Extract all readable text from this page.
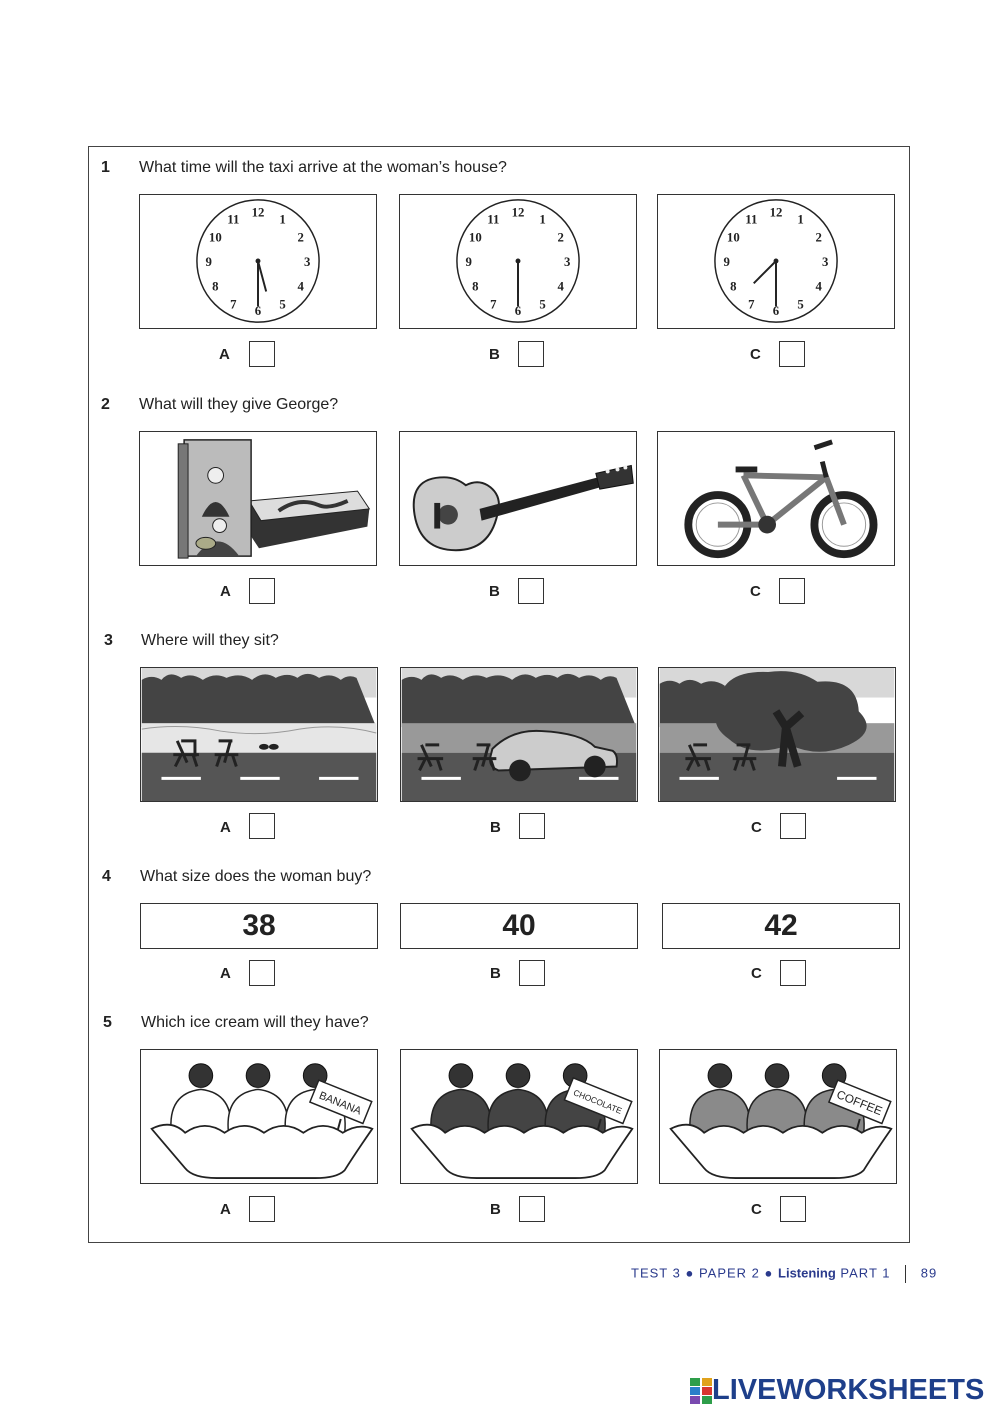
1 What time will the taxi arrive at the woman’s house?
12 1
2
3
4
5
6
7
8
9
10
11	12 1
2
3
4
5
6
7
8
9
10
11	12 1
2
3
4
5
6
7
8
9
10
11
A	B	C
2 What will they give George?
A	B	C
3 Where will they sit?
A	B	C
4 What size does the woman buy?
38	40	42
A	B	C
5 Which ice cream will they have?
BANANA	CHOCOLATE	COFFEE
A	B	C
TEST 3 ● PAPER 2 ● Listening PART 1 89
LIVEWORKSHEETS
